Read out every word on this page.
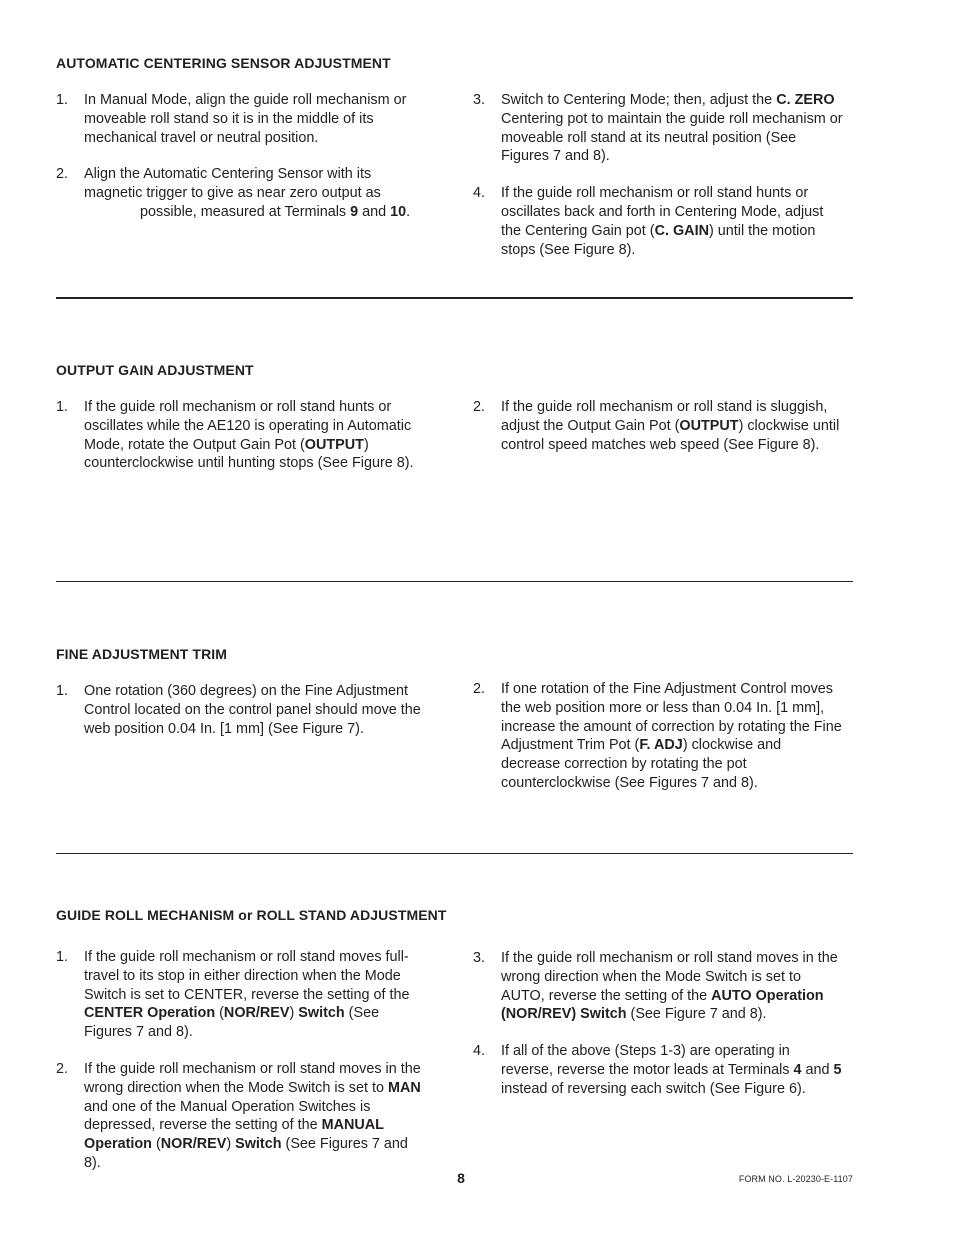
AUTOMATIC CENTERING SENSOR ADJUSTMENT
1.	In Manual Mode, align the guide roll mechanism or moveable roll stand so it is in the middle of its mechanical travel or neutral position.
2.	Align the Automatic Centering Sensor with its magnetic trigger to give as near zero output as
possible, measured at Terminals 9 and 10.
3.	Switch to Centering Mode; then, adjust the C. ZERO Centering pot to maintain the guide roll mechanism or moveable roll stand at its neutral position (See Figures 7 and 8).
4.	If the guide roll mechanism or roll stand hunts or oscillates back and forth in Centering Mode, adjust the Centering Gain pot (C. GAIN) until the motion stops (See Figure 8).
OUTPUT GAIN ADJUSTMENT
1.	If the guide roll mechanism or roll stand hunts or oscillates while the AE120 is operating in Automatic Mode, rotate the Output Gain Pot (OUTPUT) counterclockwise until hunting stops (See Figure 8).
2.	If the guide roll mechanism or roll stand is sluggish, adjust the Output Gain Pot (OUTPUT) clockwise until control speed matches web speed (See Figure 8).
FINE ADJUSTMENT TRIM
1.	One rotation (360 degrees) on the Fine Adjustment Control located on the control panel should move the web position 0.04 In. [1 mm] (See Figure 7).
2.	If one rotation of the Fine Adjustment Control moves the web position more or less than 0.04 In. [1 mm], increase the amount of correction by rotating the Fine Adjustment Trim Pot (F. ADJ) clockwise and decrease correction by rotating the pot counterclockwise (See Figures 7 and 8).
GUIDE ROLL MECHANISM or ROLL STAND ADJUSTMENT
1.	If the guide roll mechanism or roll stand moves full-travel to its stop in either direction when the Mode Switch is set to CENTER, reverse the setting of the CENTER Operation (NOR/REV) Switch (See Figures 7 and 8).
2.	If the guide roll mechanism or roll stand moves in the wrong direction when the Mode Switch is set to MAN and one of the Manual Operation Switches is depressed, reverse the setting of the MANUAL Operation (NOR/REV) Switch (See Figures 7 and 8).
3.	If the guide roll mechanism or roll stand moves in the wrong direction when the Mode Switch is set to AUTO, reverse the setting of the AUTO Operation (NOR/REV) Switch (See Figure 7 and 8).
4.	If all of the above (Steps 1-3) are operating in reverse, reverse the motor leads at Terminals 4 and 5 instead of reversing each switch (See Figure 6).
8	FORM NO. L-20230-E-1107
